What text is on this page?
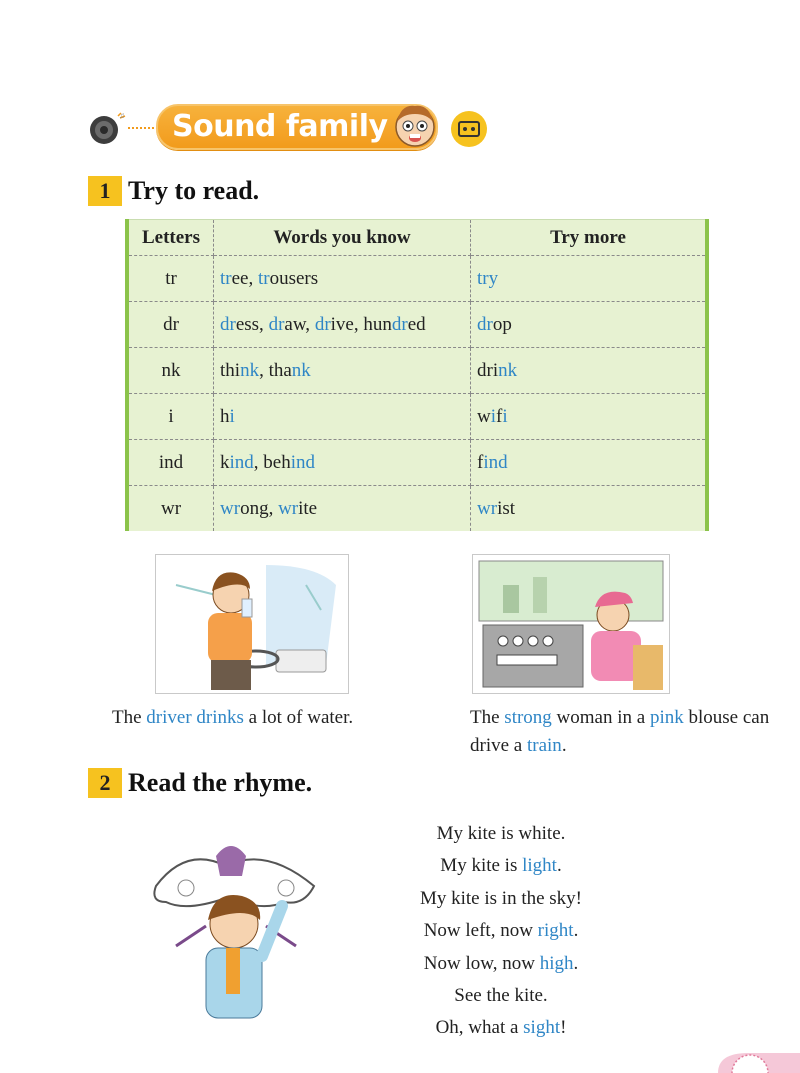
♫	Sound family
1 Try to read.
Letters	Words you know	Try more
tr	tree, trousers	try
dr	dress, draw, drive, hundred	drop
nk	think, thank	drink
i	hi	wifi
ind	kind, behind	find
wr	wrong, write	wrist
The driver drinks a lot of water.	The strong woman in a pink blouse can drive a train.
2 Read the rhyme.
My kite is white.
My kite is light.
My kite is in the sky!
Now left, now right.
Now low, now high.
See the kite.
Oh, what a sight!
